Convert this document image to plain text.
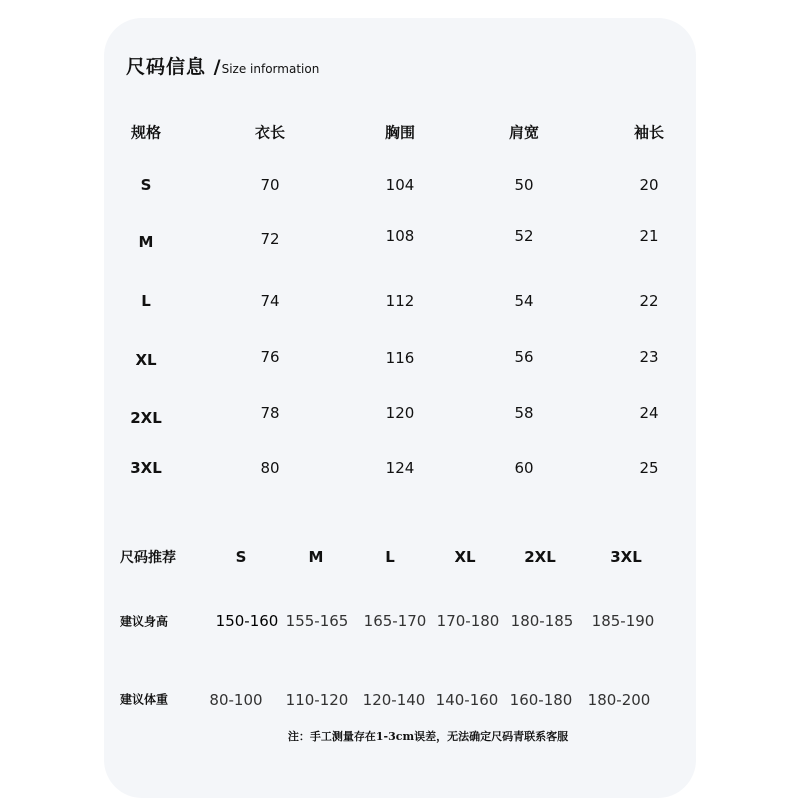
尺码信息 /Size information
规格	衣长	胸围	肩宽	袖长
S	70	104	50	20
M	72	108	52	21
L	74	112	54	22
XL	76	116	56	23
2XL	78	120	58	24
3XL	80	124	60	25
尺码推荐	S	M	L	XL	2XL	3XL
建议身高	150-160 155-165 165-170 170-180 180-185 185-190
建议体重	80-100 110-120 120-140 140-160 160-180 180-200
注：手工测量存在1-3cm误差，无法确定尺码青联系客服
